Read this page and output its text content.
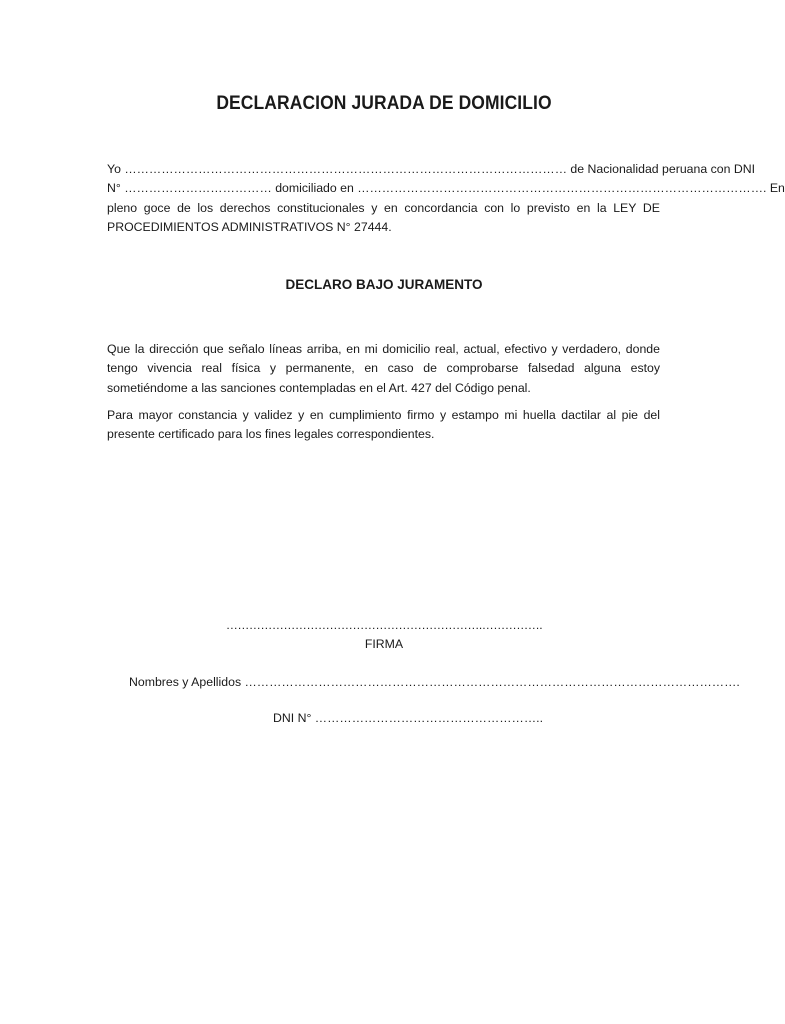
DECLARACION JURADA DE DOMICILIO

Yo ……………………………………………………………………………………………… de Nacionalidad peruana con DNI
N° ……………………………… domiciliado en ………………………………………………………………………………………. En
pleno goce de los derechos constitucionales y en concordancia con lo previsto en la LEY DE
PROCEDIMIENTOS ADMINISTRATIVOS N° 27444.

DECLARO BAJO JURAMENTO

Que la dirección que señalo líneas arriba, en mi domicilio real, actual, efectivo y verdadero, donde
tengo vivencia real física y permanente, en caso de comprobarse falsedad alguna estoy
sometiéndome a las sanciones contempladas en el Art. 427 del Código penal.

Para mayor constancia y validez y en cumplimiento firmo y estampo mi huella dactilar al pie del
presente certificado para los fines legales correspondientes.

………………………………………………………….…………….
FIRMA
Nombres y Apellidos ………………………………………………………………………………………………………….
DNI N° ………………………………………………..
